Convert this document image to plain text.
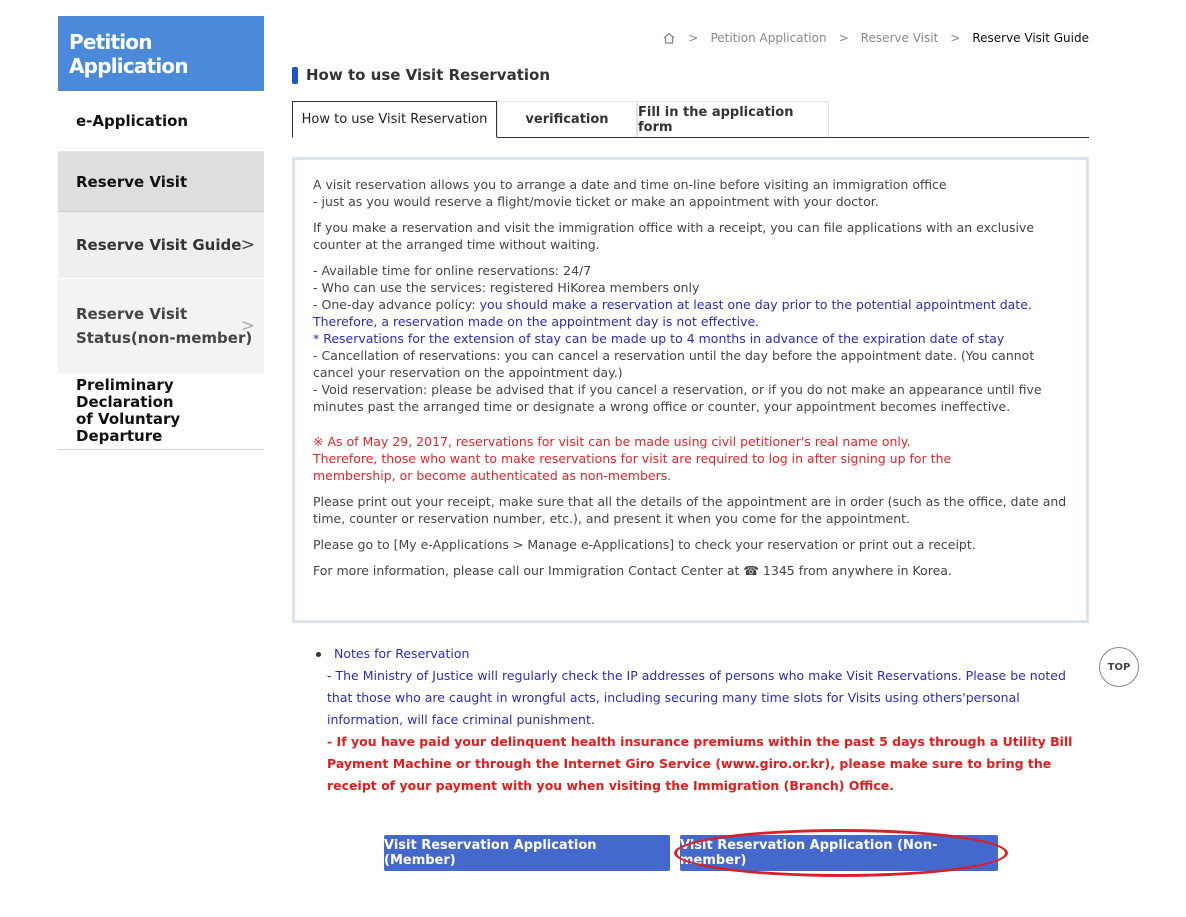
Petition Application
e-Application
Reserve Visit
Reserve Visit Guide >
Reserve Visit
Status(non-member)
>
Preliminary Declaration
of Voluntary Departure
> Petition Application > Reserve Visit > Reserve Visit Guide
How to use Visit Reservation
How to use Visit Reservation	verification	Fill in the application form

A visit reservation allows you to arrange a date and time on-line before visiting an immigration office
- just as you would reserve a flight/movie ticket or make an appointment with your doctor.

If you make a reservation and visit the immigration office with a receipt, you can file applications with an exclusive counter at the arranged time without waiting.

- Available time for online reservations: 24/7
- Who can use the services: registered HiKorea members only
- One-day advance policy: you should make a reservation at least one day prior to the potential appointment date. Therefore, a reservation made on the appointment day is not effective.
* Reservations for the extension of stay can be made up to 4 months in advance of the expiration date of stay
- Cancellation of reservations: you can cancel a reservation until the day before the appointment date. (You cannot cancel your reservation on the appointment day.)
- Void reservation: please be advised that if you cancel a reservation, or if you do not make an appearance until five minutes past the arranged time or designate a wrong office or counter, your appointment becomes ineffective.

※ As of May 29, 2017, reservations for visit can be made using civil petitioner's real name only.
Therefore, those who want to make reservations for visit are required to log in after signing up for the
membership, or become authenticated as non-members.

Please print out your receipt, make sure that all the details of the appointment are in order (such as the office, date and time, counter or reservation number, etc.), and present it when you come for the appointment.

Please go to [My e-Applications > Manage e-Applications] to check your reservation or print out a receipt.

For more information, please call our Immigration Contact Center at ☎ 1345 from anywhere in Korea.

Notes for Reservation
- The Ministry of Justice will regularly check the IP addresses of persons who make Visit Reservations. Please be noted that those who are caught in wrongful acts, including securing many time slots for Visits using others'personal information, will face criminal punishment.
- If you have paid your delinquent health insurance premiums within the past 5 days through a Utility Bill Payment Machine or through the Internet Giro Service (www.giro.or.kr), please make sure to bring the receipt of your payment with you when visiting the Immigration (Branch) Office.
TOP
Visit Reservation Application (Member)
Visit Reservation Application (Non-member)
